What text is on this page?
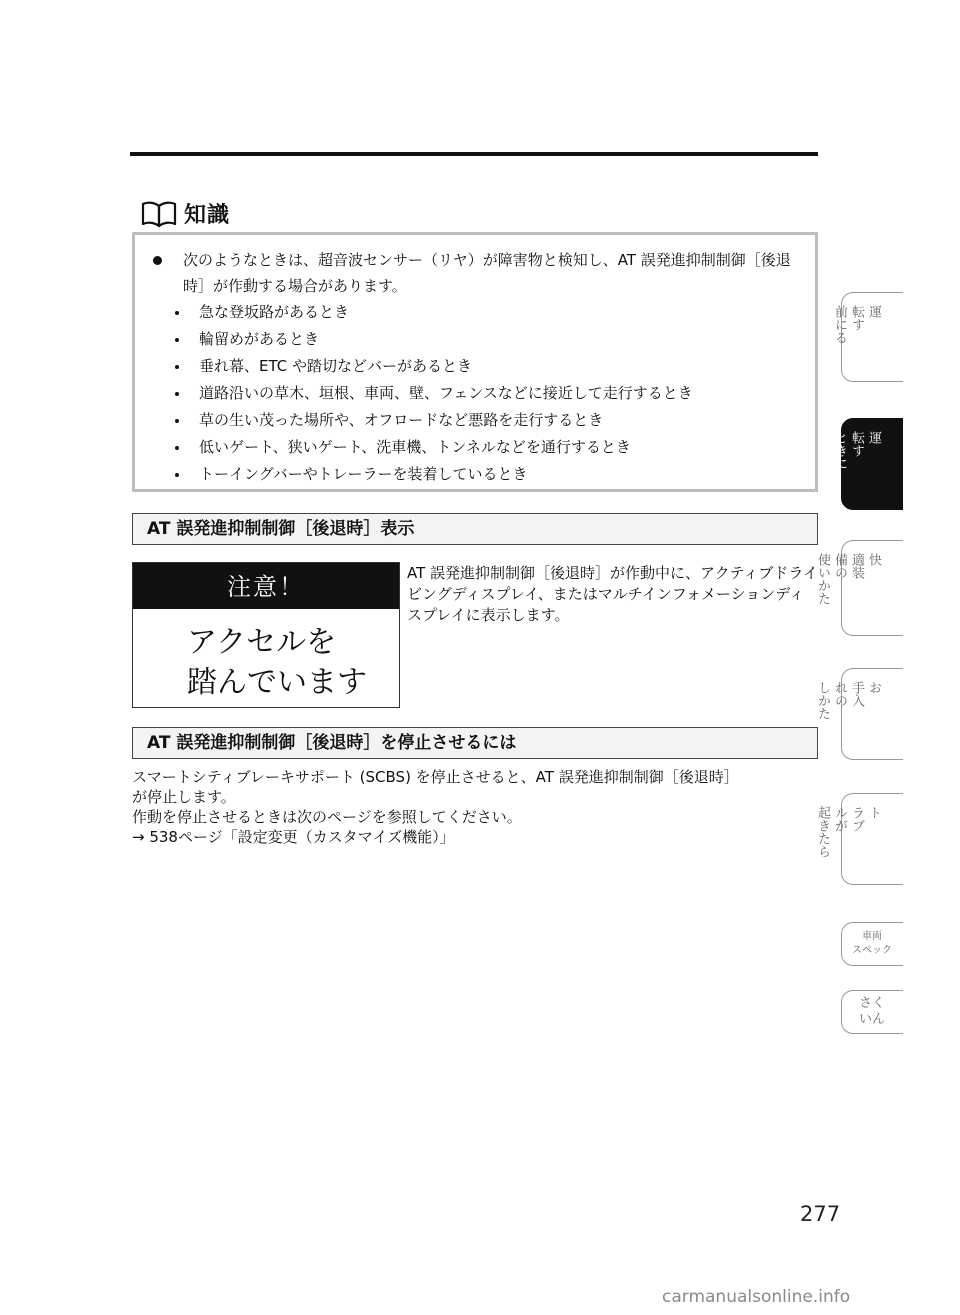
知識
次のようなときは、超音波センサー（リヤ）が障害物と検知し、AT 誤発進抑制制御［後退時］が作動する場合があります。
急な登坂路があるとき
輪留めがあるとき
垂れ幕、ETC や踏切などバーがあるとき
道路沿いの草木、垣根、車両、壁、フェンスなどに接近して走行するとき
草の生い茂った場所や、オフロードなど悪路を走行するとき
低いゲート、狭いゲート、洗車機、トンネルなどを通行するとき
トーイングバーやトレーラーを装着しているとき
AT 誤発進抑制制御［後退時］表示
注意！
アクセルを
踏んでいます
AT 誤発進抑制制御［後退時］が作動中に、アクティブドライビングディスプレイ、またはマルチインフォメーションディスプレイに表示します。
AT 誤発進抑制制御［後退時］を停止させるには

スマートシティブレーキサポート (SCBS) を停止させると、AT 誤発進抑制制御［後退時］

が停止します。

作動を停止させるときは次のページを参照してください。

→ 538ページ「設定変更（カスタマイズ機能）」

運
転す
前にる
運
転す
ときに
快
適装
備の
使いかた
お
手入
れの
しかた
ト
ラブ
ルが
起きたら
車両
スペック
さく
いん
277
carmanualsonline.info
